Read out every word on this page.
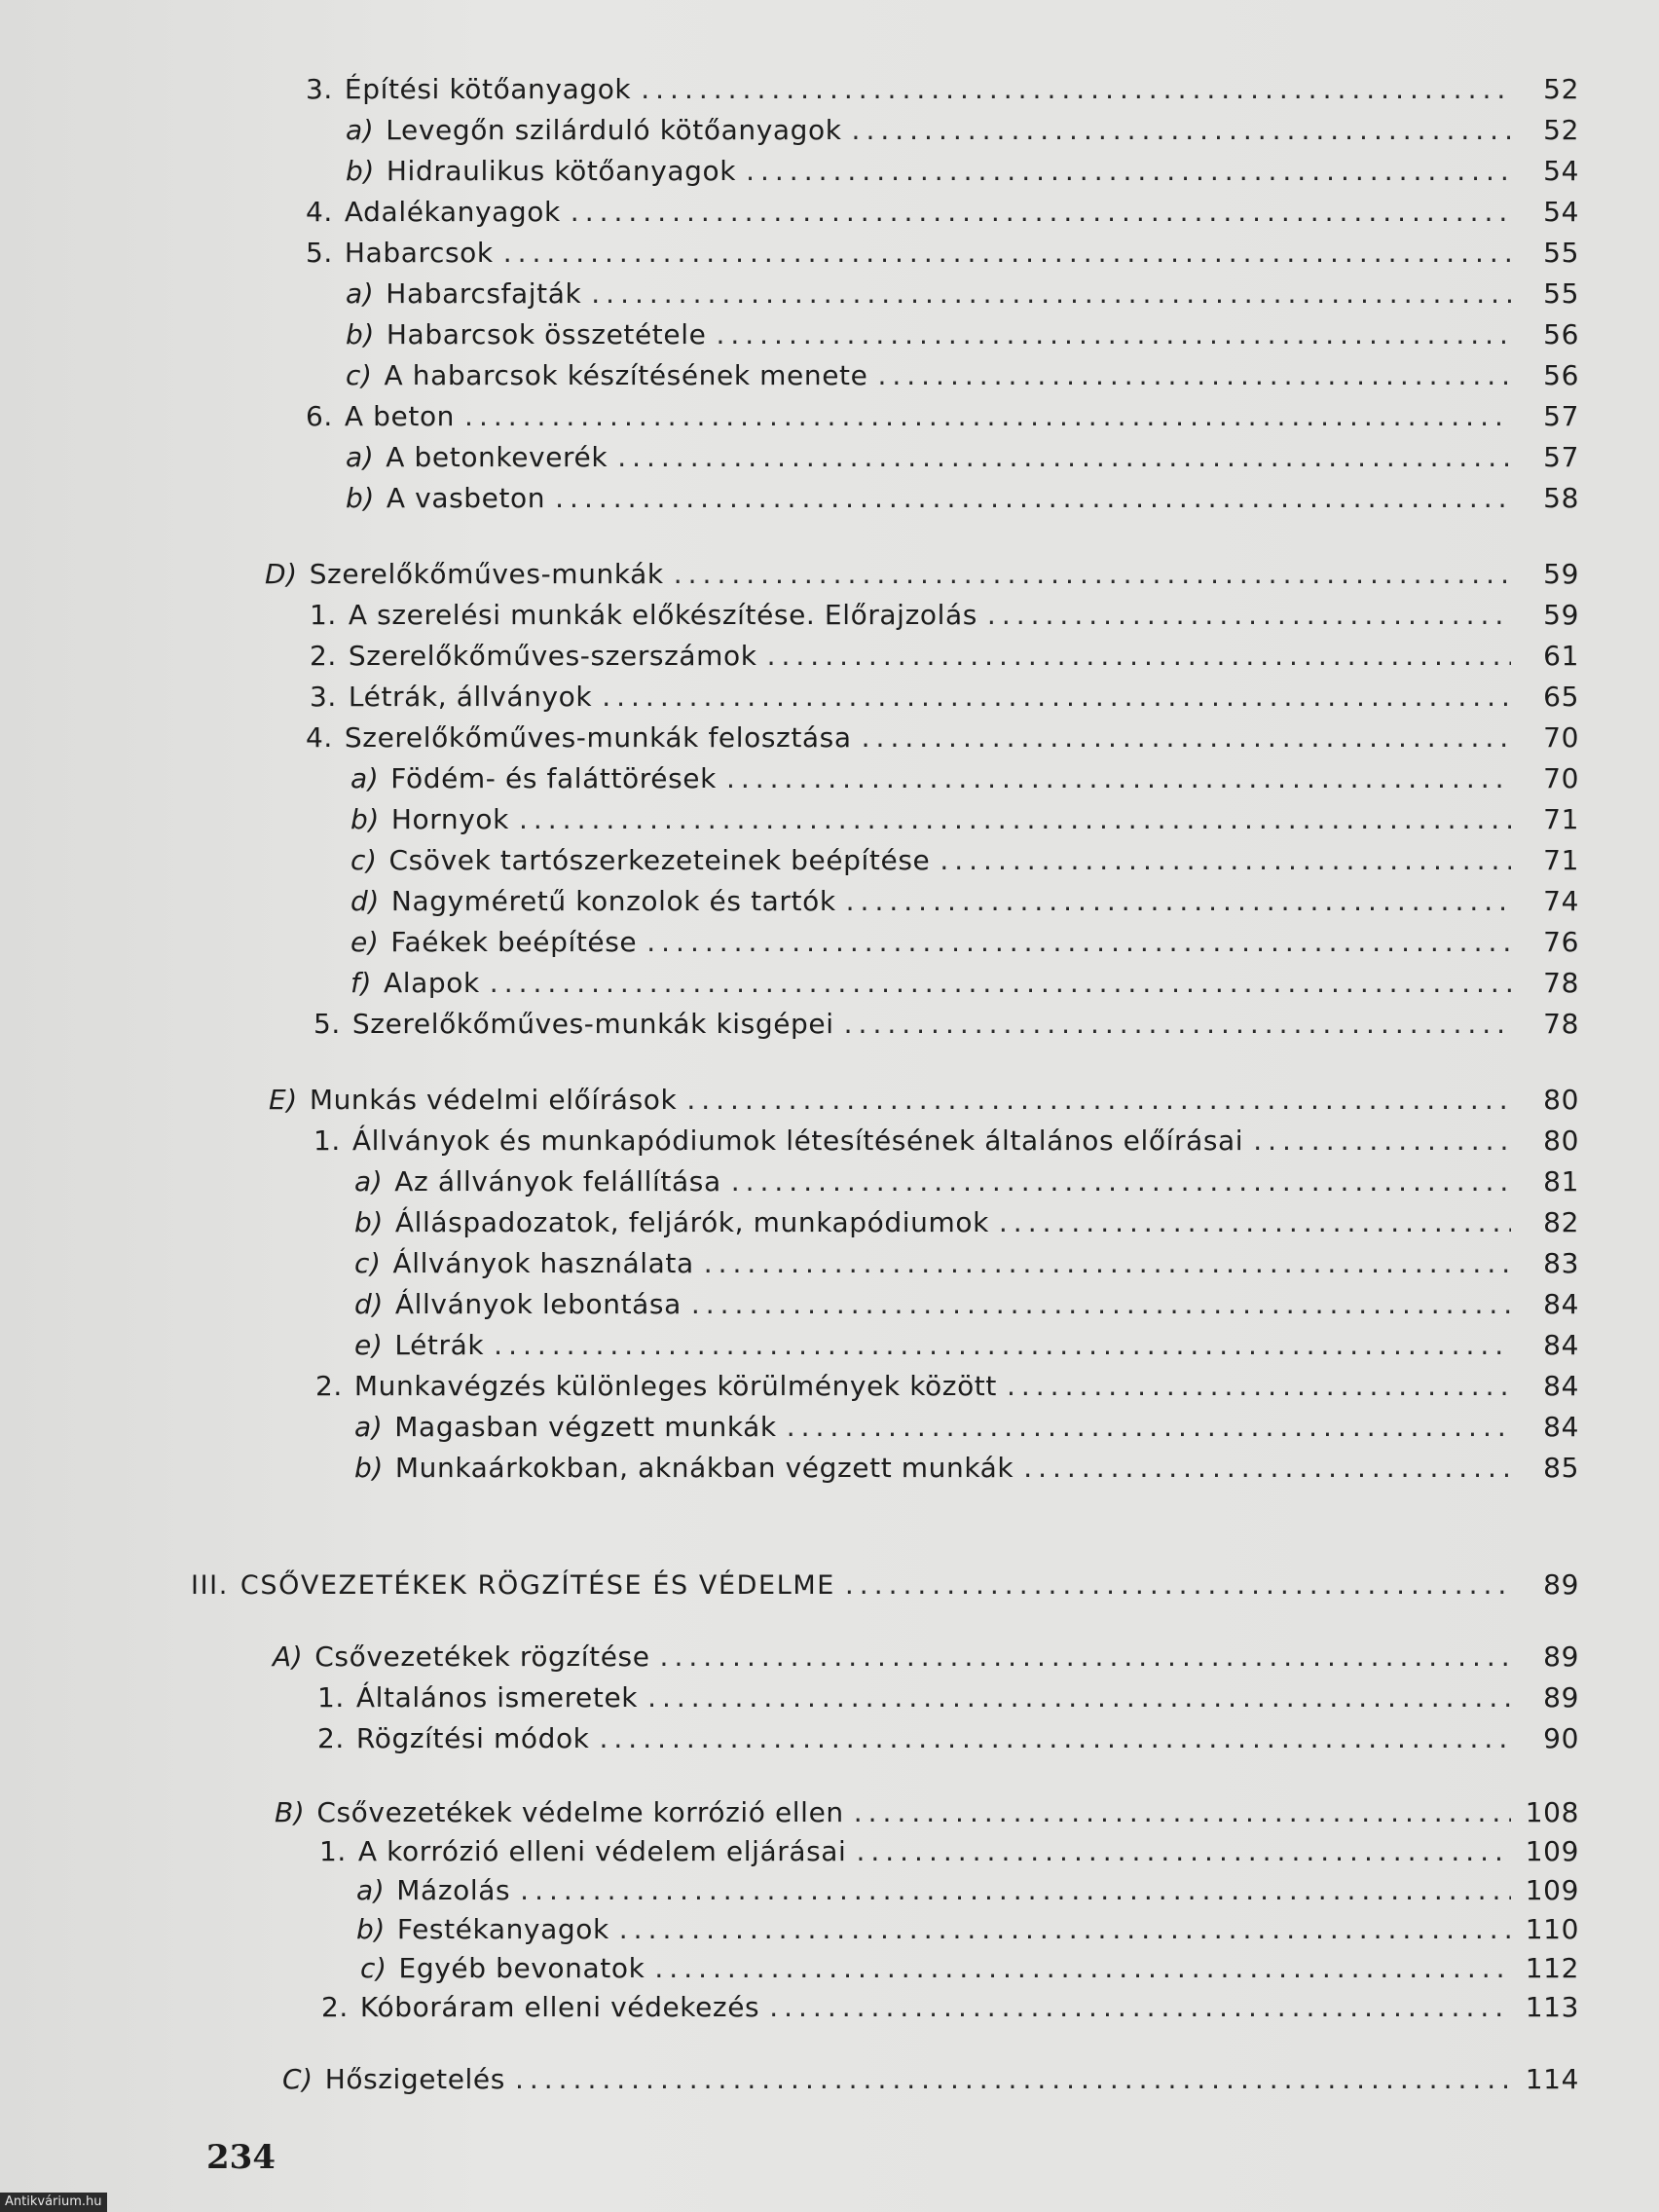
3. Építési kötőanyagok .....	52
a) Levegőn szilárduló kötőanyagok .....	52
b) Hidraulikus kötőanyagok .....	54
4. Adalékanyagok .....	54
5. Habarcsok .....	55
a) Habarcsfajták .....	55
b) Habarcsok összetétele .....	56
c) A habarcsok készítésének menete .....	56
6. A beton .....	57
a) A betonkeverék .....	57
b) A vasbeton .....	58
D) Szerelőkőműves-munkák .....	59
1. A szerelési munkák előkészítése. Előrajzolás .....	59
2. Szerelőkőműves-szerszámok .....	61
3. Létrák, állványok .....	65
4. Szerelőkőműves-munkák felosztása .....	70
a) Födém- és faláttörések .....	70
b) Hornyok .....	71
c) Csövek tartószerkezeteinek beépítése .....	71
d) Nagyméretű konzolok és tartók .....	74
e) Faékek beépítése .....	76
f) Alapok .....	78
5. Szerelőkőműves-munkák kisgépei .....	78
E) Munkás védelmi előírások .....	80
1. Állványok és munkapódiumok létesítésének általános előírásai .....	80
a) Az állványok felállítása .....	81
b) Álláspadozatok, feljárók, munkapódiumok .....	82
c) Állványok használata .....	83
d) Állványok lebontása .....	84
e) Létrák .....	84
2. Munkavégzés különleges körülmények között .....	84
a) Magasban végzett munkák .....	84
b) Munkaárkokban, aknákban végzett munkák .....	85
III. CSŐVEZETÉKEK RÖGZÍTÉSE ÉS VÉDELME .....	89
A) Csővezetékek rögzítése .....	89
1. Általános ismeretek .....	89
2. Rögzítési módok .....	90
B) Csővezetékek védelme korrózió ellen .....	108
1. A korrózió elleni védelem eljárásai .....	109
a) Mázolás .....	109
b) Festékanyagok .....	110
c) Egyéb bevonatok .....	112
2. Kóboráram elleni védekezés .....	113
C) Hőszigetelés .....	114
234
Antikvárium.hu
